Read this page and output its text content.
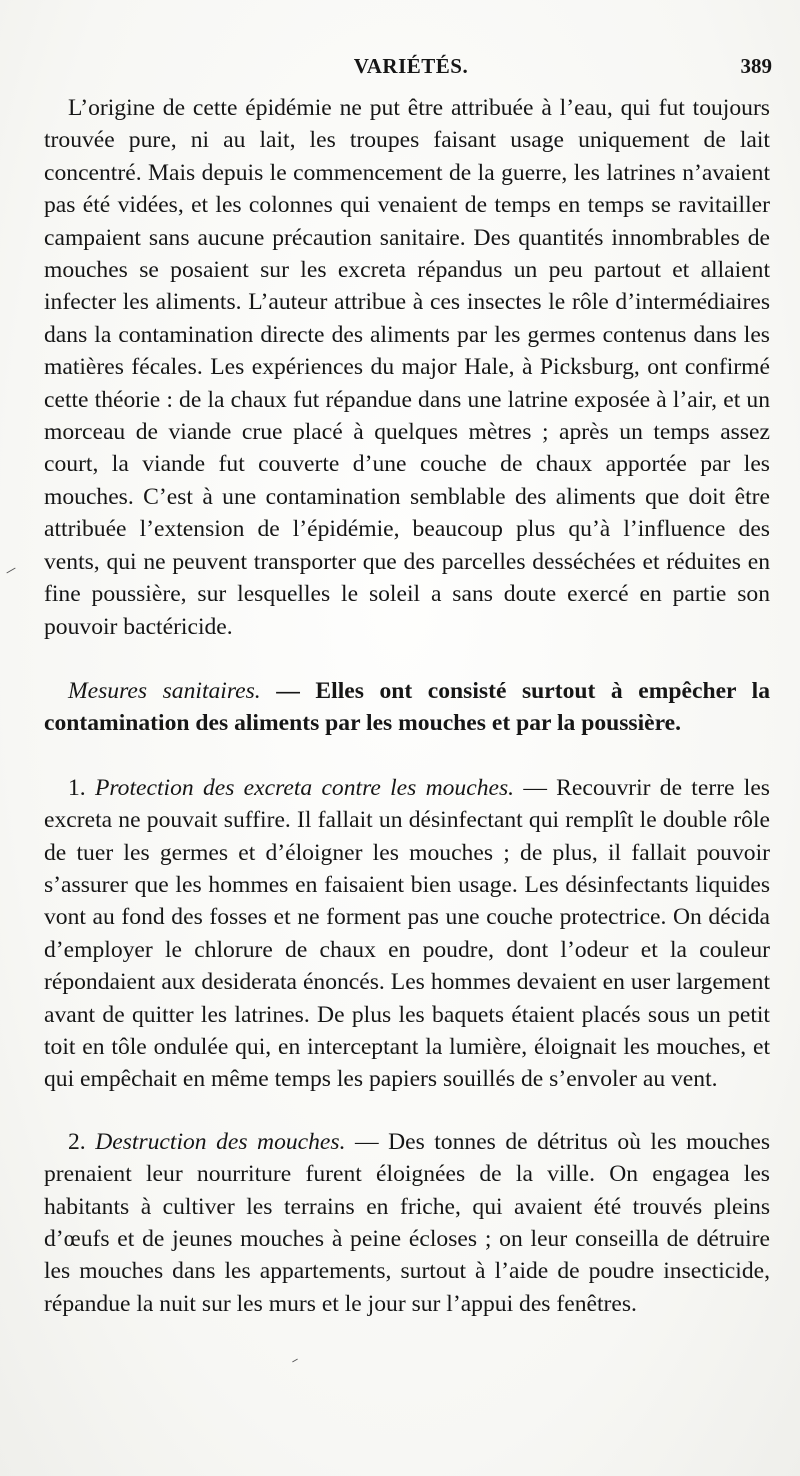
VARIÉTÉS.	389

L’origine de cette épidémie ne put être attribuée à l’eau, qui fut toujours trouvée pure, ni au lait, les troupes faisant usage uniquement de lait concentré. Mais depuis le commencement de la guerre, les latrines n’avaient pas été vidées, et les colonnes qui venaient de temps en temps se ravitailler campaient sans aucune précaution sanitaire. Des quantités innombrables de mouches se posaient sur les excreta répandus un peu partout et allaient infecter les aliments. L’auteur attribue à ces insectes le rôle d’intermédiaires dans la contamination directe des aliments par les germes contenus dans les matières fécales. Les expériences du major Hale, à Picksburg, ont confirmé cette théorie : de la chaux fut répandue dans une latrine exposée à l’air, et un morceau de viande crue placé à quelques mètres ; après un temps assez court, la viande fut couverte d’une couche de chaux apportée par les mouches. C’est à une contamination semblable des aliments que doit être attribuée l’extension de l’épidémie, beaucoup plus qu’à l’influence des vents, qui ne peuvent transporter que des parcelles desséchées et réduites en fine poussière, sur lesquelles le soleil a sans doute exercé en partie son pouvoir bactéricide.

Mesures sanitaires. — Elles ont consisté surtout à empêcher la contamination des aliments par les mouches et par la poussière.

1. Protection des excreta contre les mouches. — Recouvrir de terre les excreta ne pouvait suffire. Il fallait un désinfectant qui remplît le double rôle de tuer les germes et d’éloigner les mouches ; de plus, il fallait pouvoir s’assurer que les hommes en faisaient bien usage. Les désinfectants liquides vont au fond des fosses et ne forment pas une couche protectrice. On décida d’employer le chlorure de chaux en poudre, dont l’odeur et la couleur répondaient aux desiderata énoncés. Les hommes devaient en user largement avant de quitter les latrines. De plus les baquets étaient placés sous un petit toit en tôle ondulée qui, en interceptant la lumière, éloignait les mouches, et qui empêchait en même temps les papiers souillés de s’envoler au vent.

2. Destruction des mouches. — Des tonnes de détritus où les mouches prenaient leur nourriture furent éloignées de la ville. On engagea les habitants à cultiver les terrains en friche, qui avaient été trouvés pleins d’œufs et de jeunes mouches à peine écloses ; on leur conseilla de détruire les mouches dans les appartements, surtout à l’aide de poudre insecticide, répandue la nuit sur les murs et le jour sur l’appui des fenêtres.
